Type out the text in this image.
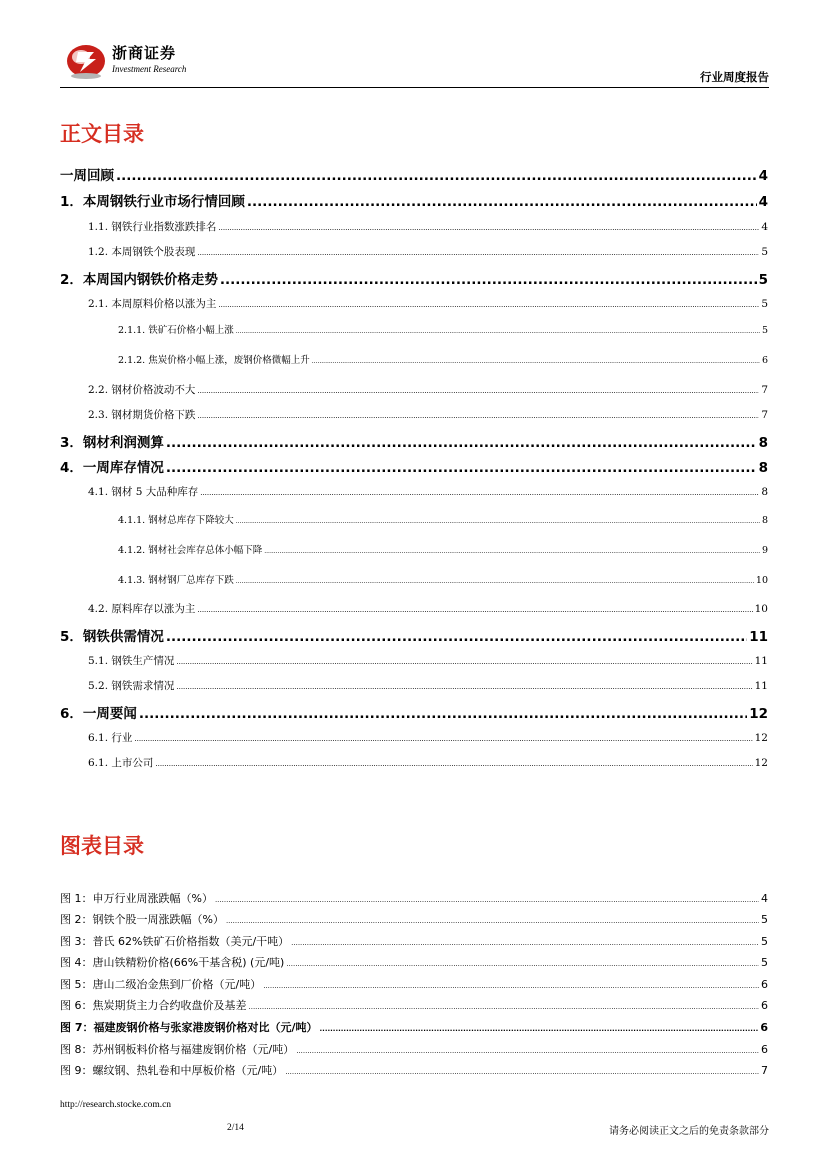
浙商证券
Investment Research
行业周度报告
正文目录
一周回顾 .....	4
1．本周钢铁行业市场行情回顾 .....	4
1.1. 钢铁行业指数涨跌排名 .....	4
1.2. 本周钢铁个股表现 .....	5
2．本周国内钢铁价格走势 .....	5
2.1. 本周原料价格以涨为主 .....	5
2.1.1. 铁矿石价格小幅上涨 .....	5
2.1.2. 焦炭价格小幅上涨，废钢价格微幅上升 .....	6
2.2. 钢材价格波动不大 .....	7
2.3. 钢材期货价格下跌 .....	7
3．钢材利润测算 .....	8
4．一周库存情况 .....	8
4.1. 钢材 5 大品种库存 .....	8
4.1.1. 钢材总库存下降较大 .....	8
4.1.2. 钢材社会库存总体小幅下降 .....	9
4.1.3. 钢材钢厂总库存下跌 .....	10
4.2. 原料库存以涨为主 .....	10
5．钢铁供需情况 .....	11
5.1. 钢铁生产情况 .....	11
5.2. 钢铁需求情况 .....	11
6．一周要闻 .....	12
6.1. 行业 .....	12
6.1. 上市公司 .....	12
图表目录
图 1：申万行业周涨跌幅（%） .....	4
图 2：钢铁个股一周涨跌幅（%） .....	5
图 3：普氏 62%铁矿石价格指数（美元/干吨） .....	5
图 4：唐山铁精粉价格(66%干基含税) (元/吨) .....	5
图 5：唐山二级冶金焦到厂价格（元/吨） .....	6
图 6：焦炭期货主力合约收盘价及基差 .....	6
图 7：福建废钢价格与张家港废钢价格对比（元/吨） .....	6
图 8：苏州钢板料价格与福建废钢价格（元/吨） .....	6
图 9：螺纹钢、热轧卷和中厚板价格（元/吨） .....	7
http://research.stocke.com.cn
2/14	请务必阅读正文之后的免责条款部分
